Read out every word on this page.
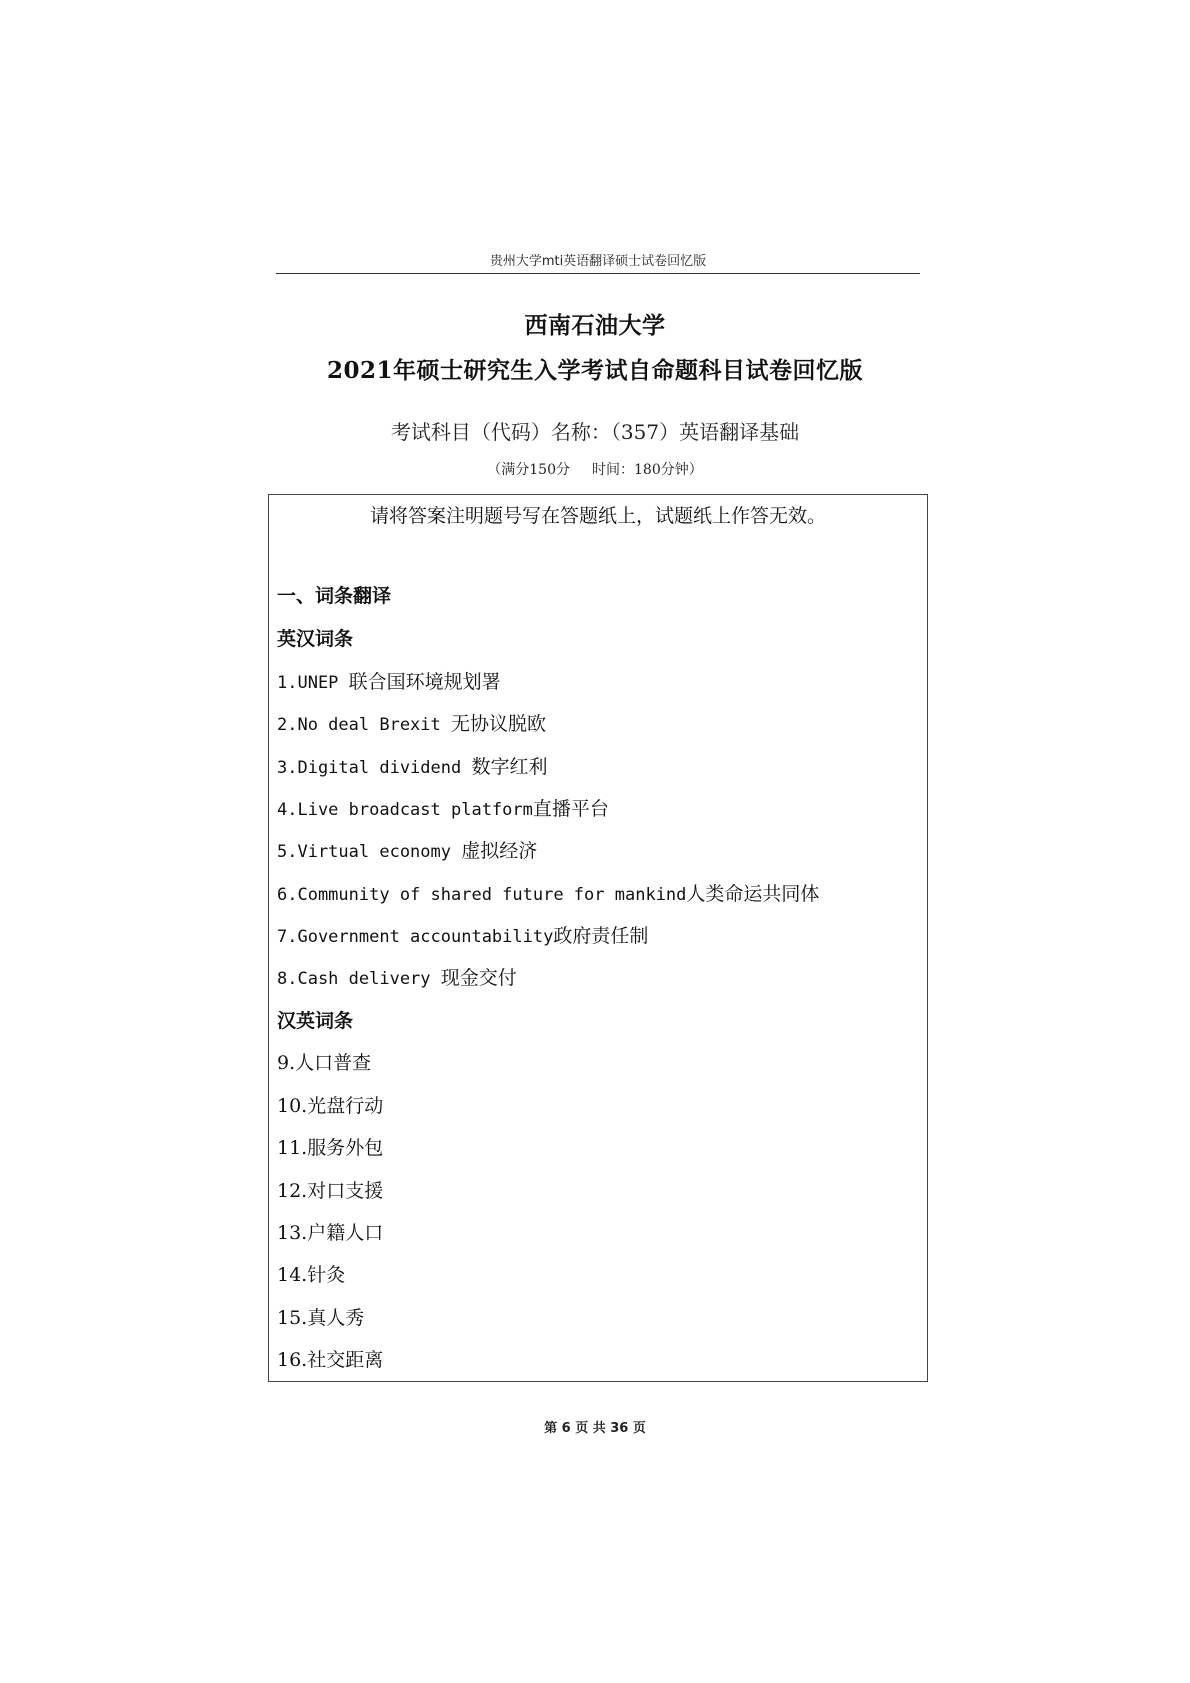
贵州大学mti英语翻译硕士试卷回忆版
西南石油大学
2021年硕士研究生入学考试自命题科目试卷回忆版
考试科目（代码）名称：（357）英语翻译基础
（满分150分 时间：180分钟）
请将答案注明题号写在答题纸上，试题纸上作答无效。
一、词条翻译
英汉词条
1.UNEP 联合国环境规划署
2.No deal Brexit 无协议脱欧
3.Digital dividend 数字红利
4.Live broadcast platform直播平台
5.Virtual economy 虚拟经济
6.Community of shared future for mankind人类命运共同体
7.Government accountability政府责任制
8.Cash delivery 现金交付
汉英词条
9.人口普查
10.光盘行动
11.服务外包
12.对口支援
13.户籍人口
14.针灸
15.真人秀
16.社交距离
第 6 页 共 36 页
